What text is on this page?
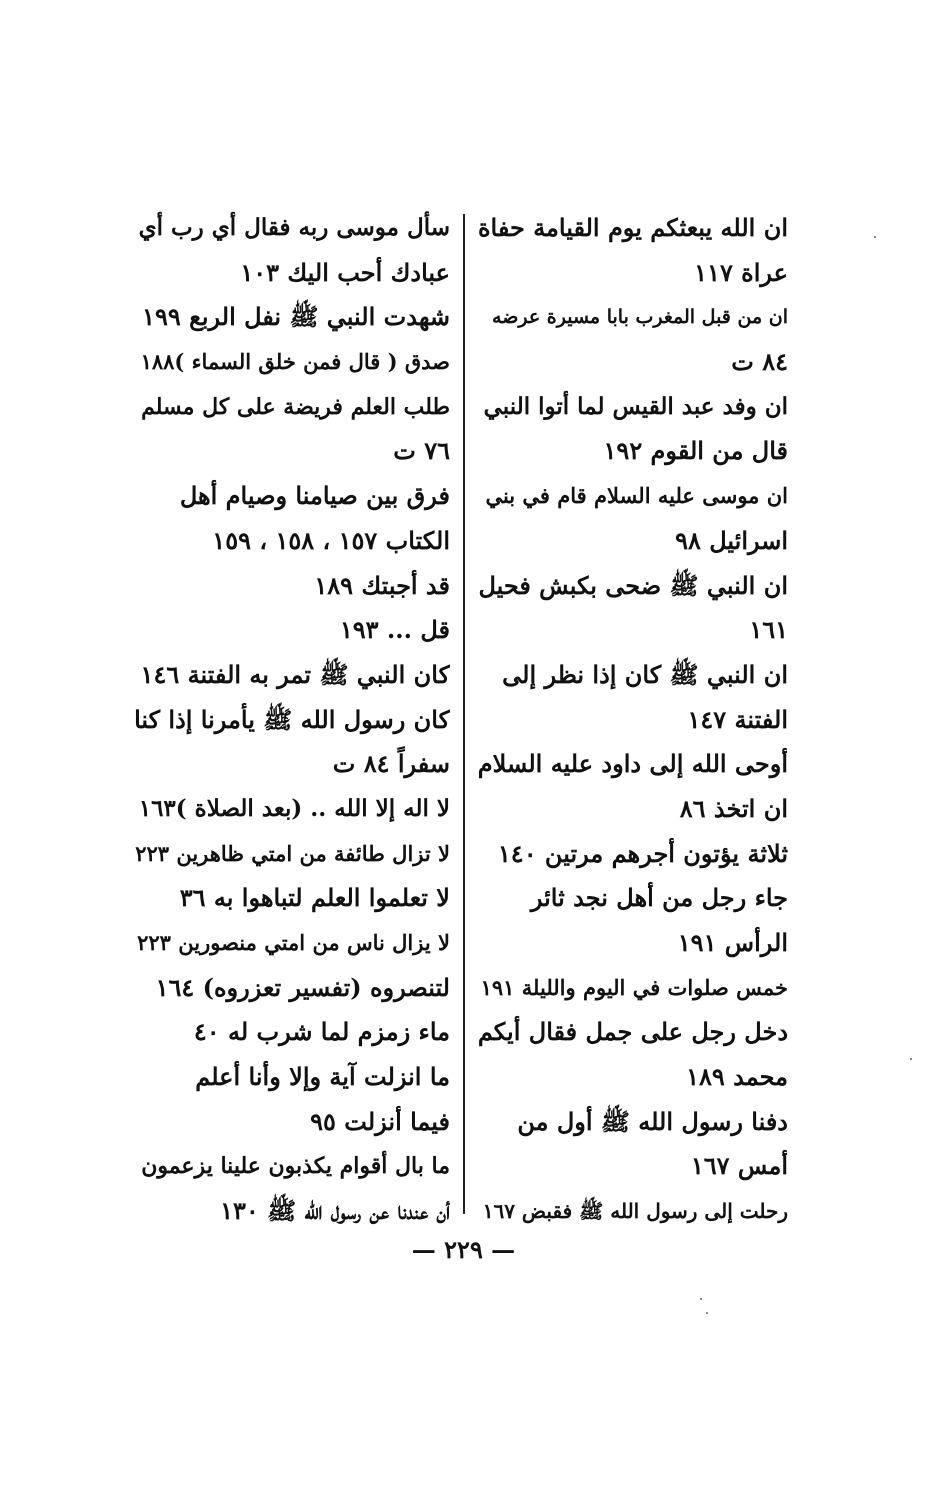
ان الله يبعثكم يوم القيامة حفاة
عراة ١١٧
ان من قبل المغرب بابا مسيرة عرضه
٨٤ ت
ان وفد عبد القيس لما أتوا النبي
قال من القوم ١٩٢
ان موسى عليه السلام قام في بني
اسرائيل ٩٨
ان النبي ﷺ ضحى بكبش فحيل
١٦١
ان النبي ﷺ كان إذا نظر إلى
الفتنة ١٤٧
أوحى الله إلى داود عليه السلام
ان اتخذ ٨٦
ثلاثة يؤتون أجرهم مرتين ١٤٠
جاء رجل من أهل نجد ثائر
الرأس ١٩١
خمس صلوات في اليوم والليلة ١٩١
دخل رجل على جمل فقال أيكم
محمد ١٨٩
دفنا رسول الله ﷺ أول من
أمس ١٦٧
رحلت إلى رسول الله ﷺ فقبض ١٦٧
سأل موسى ربه فقال أي رب أي
عبادك أحب اليك ١٠٣
شهدت النبي ﷺ نفل الربع ١٩٩
صدق ( قال فمن خلق السماء )١٨٨
طلب العلم فريضة على كل مسلم
٧٦ ت
فرق بين صيامنا وصيام أهل
الكتاب ١٥٧ ، ١٥٨ ، ١٥٩
قد أجبتك ١٨٩
قل ... ١٩٣
كان النبي ﷺ تمر به الفتنة ١٤٦
كان رسول الله ﷺ يأمرنا إذا كنا
سفراً ٨٤ ت
لا اله إلا الله .. (بعد الصلاة )١٦٣
لا تزال طائفة من امتي ظاهرين ٢٢٣
لا تعلموا العلم لتباهوا به ٣٦
لا يزال ناس من امتي منصورين ٢٢٣
لتنصروه (تفسير تعزروه) ١٦٤
ماء زمزم لما شرب له ٤٠
ما انزلت آية وإلا وأنا أعلم
فيما أنزلت ٩٥
ما بال أقوام يكذبون علينا يزعمون
أن عندنا عن رسول الله ﷺ ١٣٠
— ٢٢٩ —
